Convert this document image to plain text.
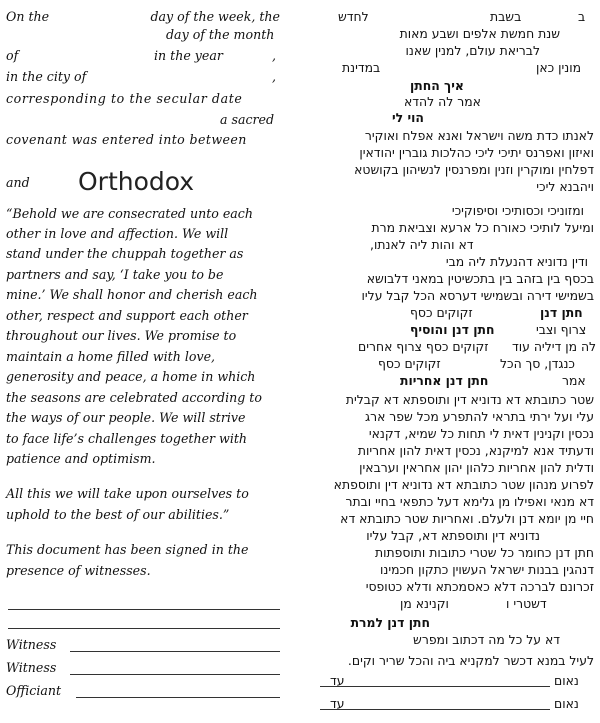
On the	day of the week, the
day of the month
of	in the year	,
in the city of	,
corresponding to the secular date
a sacred
covenant was entered into between
and Orthodox
“Behold we are consecrated unto each
other in love and affection. We will
stand under the chuppah together as
partners and say, ‘I take you to be
mine.’ We shall honor and cherish each
other, respect and support each other
throughout our lives. We promise to
maintain a home filled with love,
generosity and peace, a home in which
the seasons are celebrated according to
the ways of our people. We will strive
to face life’s challenges together with
patience and optimism.
All this we will take upon ourselves to
uphold to the best of our abilities.”
This document has been signed in the
presence of witnesses.
Witness
Witness
Officiant
ב
בשבת
לחדש
שנת חמשת אלפים ושבע מאות
לבריאת עולם, למנין שאנו
במדינת	מונין כאן
איך החתן
אמר לה להדא
הוי לי
לאנתו כדת משה וישראל ואנא אפלח ואוקיר
ואיזון ואפרנס יתיכי ליכי כהלכות גוברין יהודאין
דפלחין ומוקרין וזנין ומפרנסין לנשיהון בקושטא
ויהבנא ליכי
ומזוניכי וכסותיכי וסיפוקיכי
ומיעל לותיכי כאורח כל ארעא וצביאת מרת
דא והות ליה לאנתו,
ודין נדוניא דהנעלת ליה מבי
בכסף בין בזהב בין בתכשיטין במאני דלבושא
בשמישי דירה ובשמישי דערסא הכל קבל עליו
חתן דנן
זקוקים כסף
צרוף וצבי
חתן דנן והוסיף
לה מן דיליה עוד
זקוקים כסף צרוף אחרים
כנגדן, סך הכל
זקוקים כסף
אמר
חתן דנן אחריות
שטר כתובתא דא נדוניא דין ותוספתא דא קבלית
עלי ועל ירתי בתראי להתפרע מכל שפר ארג
נכסין וקנינין דאית לי תחות כל שמיא, דקנאי
ודעתיד אנא למיקנא, נכסין דאית להון אחריות
ודלית להון אחריות כלהון יהון אחראין וערבאין
לפרוע מנהון שטר כתובתא דא נדוניא דין ותוספתא
דא מנאי ואפילו מן גלימא דעל כתפאי בחיי ובתר
חיי מן יומא דנן ולעלם. ואחריות שטר כתובתא דא
נדוניא דין ותוספתא דא, קבל עליו
חתן דנן כחומר כל שטרי כתובות ותוספתות
דנהגין בבנות ישראל העשוין כתקון חכמינו
זכרונם לברכה דלא כאסמכתא ודלא כטופסי
דשטרי ו
וקנינא מן
חתן דנן למרת
דא על כל מה דכתוב ומפרש
לעיל במנא דכשר למקניא ביה והכל שריר וקים.
נאום
עד
נאום
עד
